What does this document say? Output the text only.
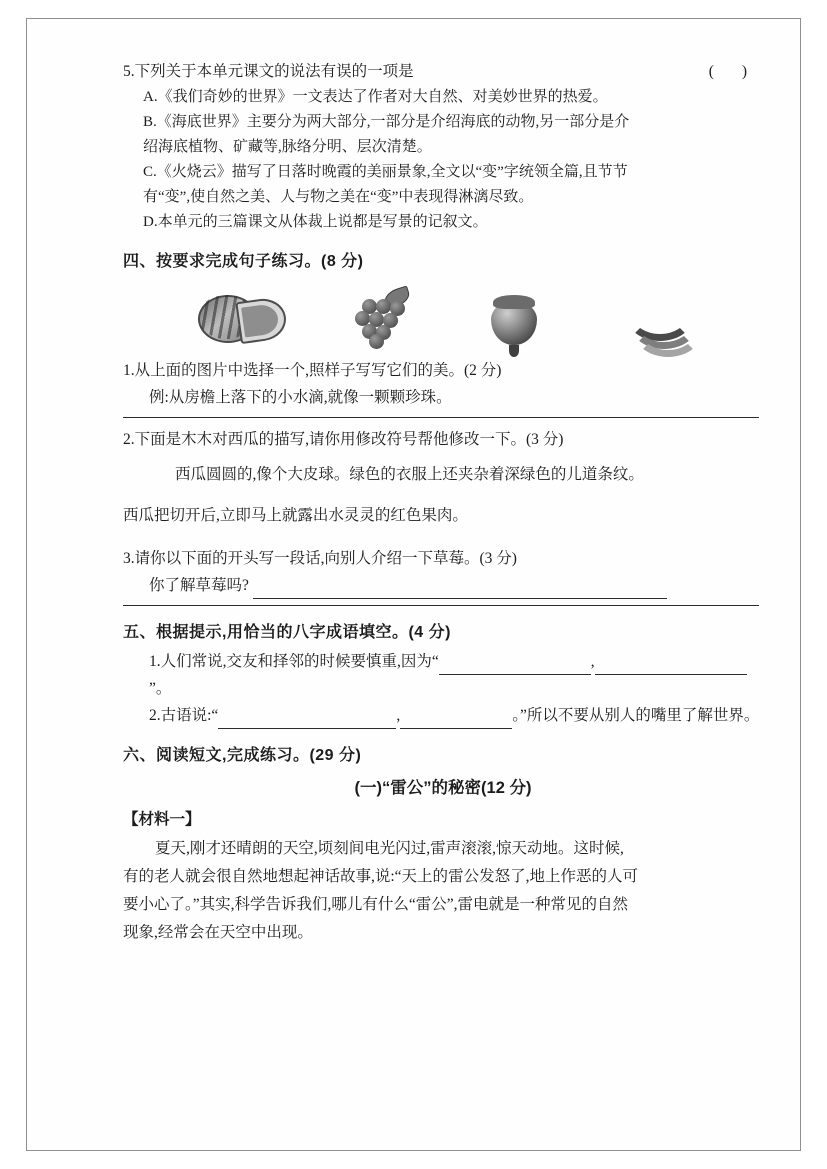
5.下列关于本单元课文的说法有误的一项是	( )
A.《我们奇妙的世界》一文表达了作者对大自然、对美妙世界的热爱。
B.《海底世界》主要分为两大部分,一部分是介绍海底的动物,另一部分是介
绍海底植物、矿藏等,脉络分明、层次清楚。
C.《火烧云》描写了日落时晚霞的美丽景象,全文以“变”字统领全篇,且节节
有“变”,使自然之美、人与物之美在“变”中表现得淋漓尽致。
D.本单元的三篇课文从体裁上说都是写景的记叙文。
四、按要求完成句子练习。(8 分)
1.从上面的图片中选择一个,照样子写写它们的美。(2 分)
例:从房檐上落下的小水滴,就像一颗颗珍珠。
2.下面是木木对西瓜的描写,请你用修改符号帮他修改一下。(3 分)
西瓜圆圆的,像个大皮球。绿色的衣服上还夹杂着深绿色的儿道条纹。
西瓜把切开后,立即马上就露出水灵灵的红色果肉。
3.请你以下面的开头写一段话,向别人介绍一下草莓。(3 分)
你了解草莓吗?
五、根据提示,用恰当的八字成语填空。(4 分)
1.人们常说,交友和择邻的时候要慎重,因为“	,”。
2.古语说:“	,	。”所以不要从别人的嘴里了解世界。
六、阅读短文,完成练习。(29 分)
(一)“雷公”的秘密(12 分)
【材料一】
夏天,刚才还晴朗的天空,顷刻间电光闪过,雷声滚滚,惊天动地。这时候,
有的老人就会很自然地想起神话故事,说:“天上的雷公发怒了,地上作恶的人可
要小心了。”其实,科学告诉我们,哪儿有什么“雷公”,雷电就是一种常见的自然
现象,经常会在天空中出现。
